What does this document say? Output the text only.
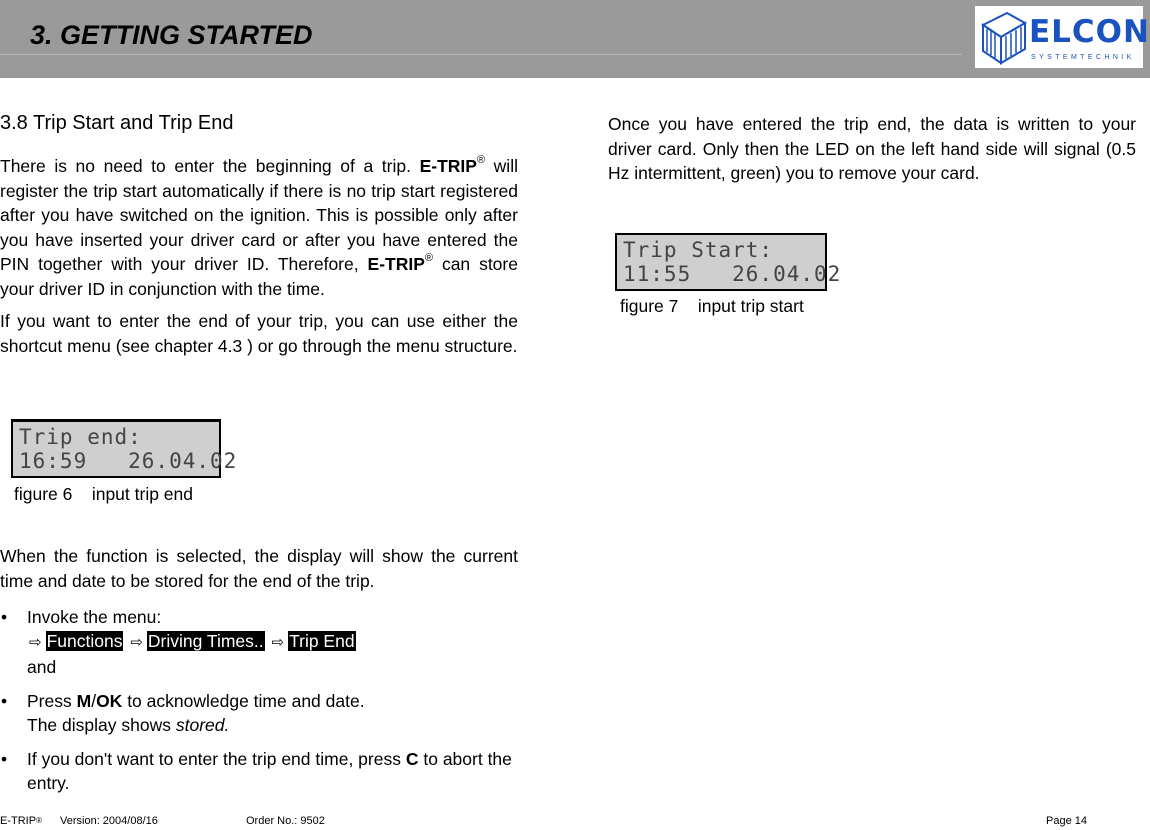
3. GETTING STARTED	ELCON
SYSTEMTECHNIK
3.8 Trip Start and Trip End

There is no need to enter the beginning of a trip. E-TRIP® will register the trip start automatically if there is no trip start registered after you have switched on the ignition. This is possible only after you have inserted your driver card or after you have entered the PIN together with your driver ID. Therefore, E-TRIP® can store your driver ID in conjunction with the time.

If you want to enter the end of your trip, you can use either the shortcut menu (see chapter 4.3 ) or go through the menu structure.

Trip end:
16:59   26.04.02
figure 6    input trip end

When the function is selected, the display will show the current time and date to be stored for the end of the trip.

• Invoke the menu:
⇨ Functions ⇨ Driving Times.. ⇨ Trip End
and
• Press M/OK to acknowledge time and date.
The display shows stored.
• If you don't want to enter the trip end time, press C to abort the entry.

Once you have entered the trip end, the data is written to your driver card. Only then the LED on the left hand side will signal (0.5 Hz intermittent, green) you to remove your card.

Trip Start:
11:55   26.04.02
figure 7    input trip start
E-TRIP® Version: 2004/08/16	Order No.: 9502	Page 14
